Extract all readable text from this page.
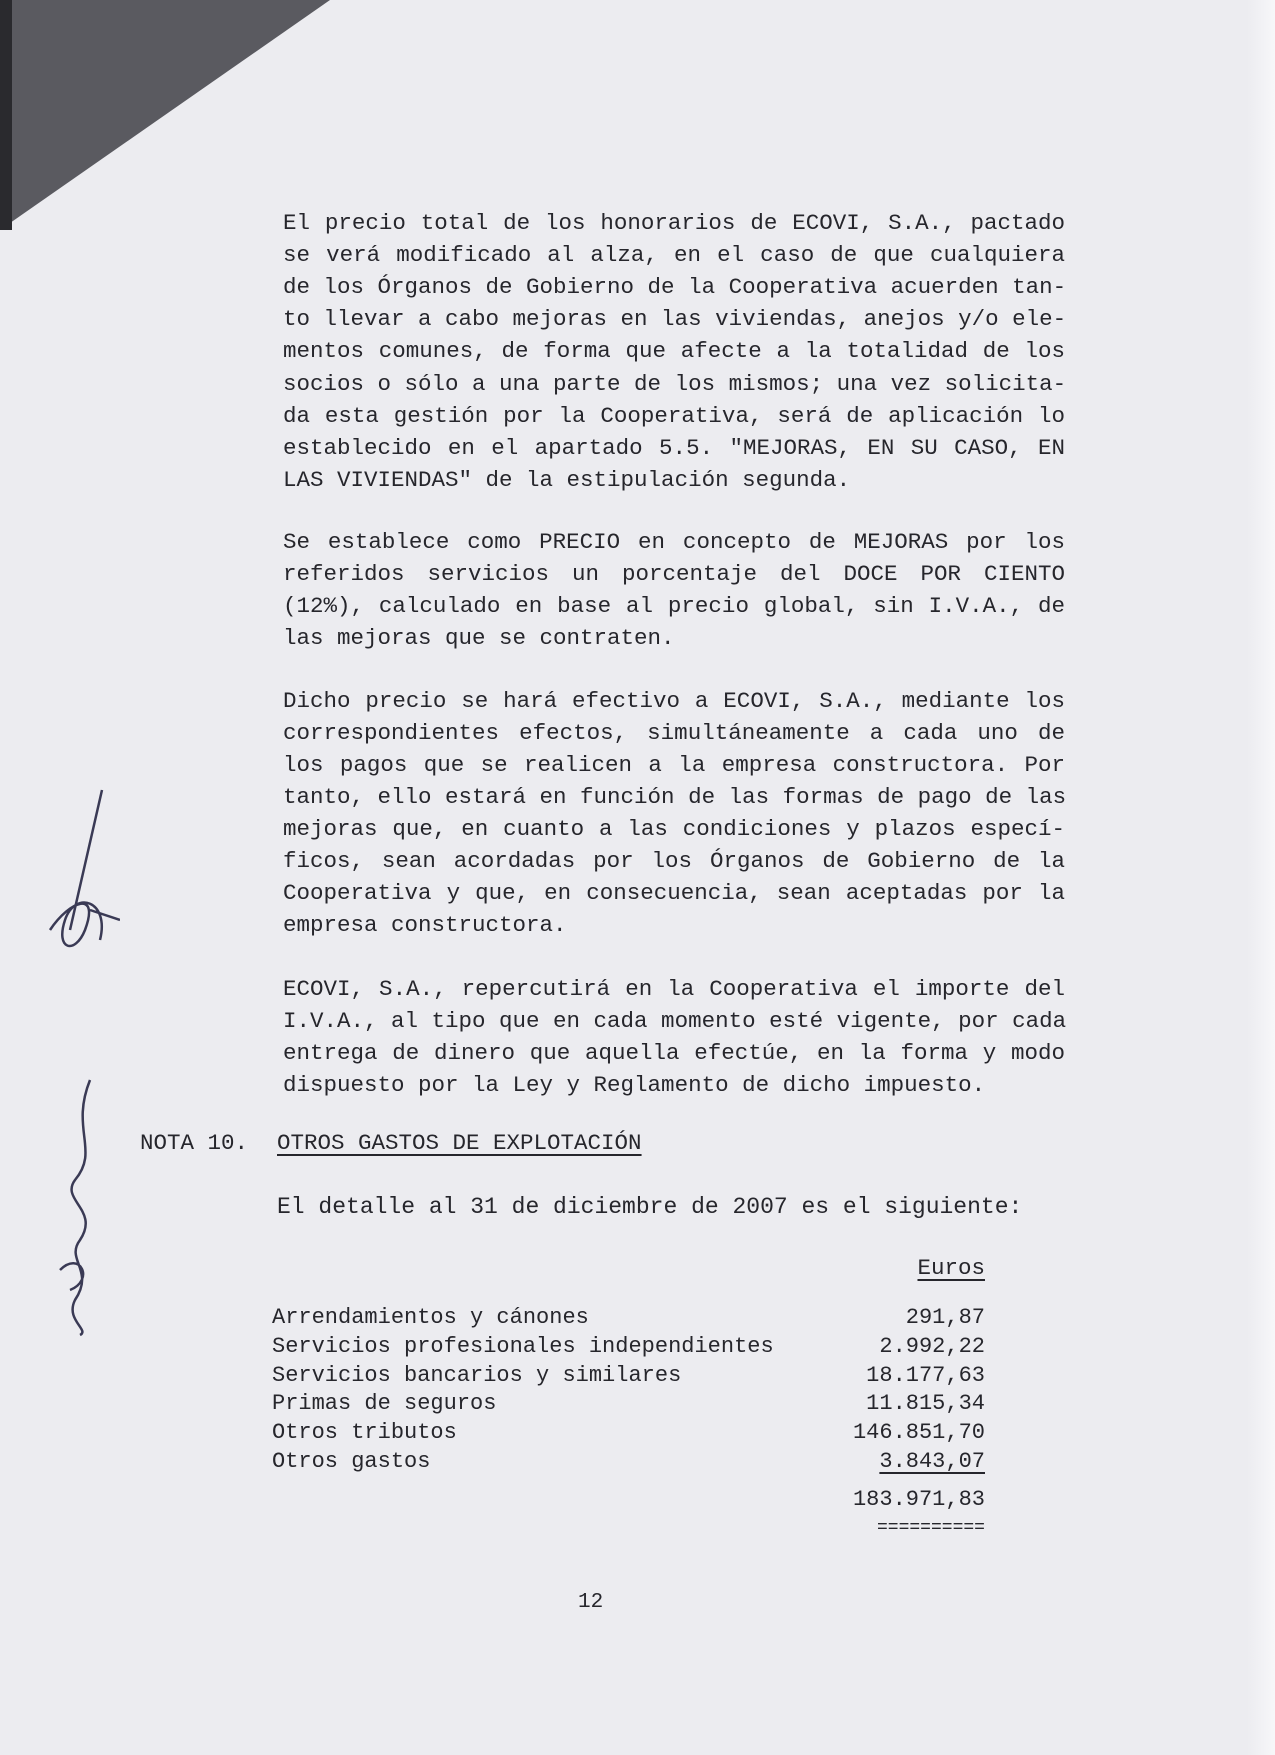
El precio total de los honorarios de ECOVI, S.A., pactado
se verá modificado al alza, en el caso de que cualquiera
de los Órganos de Gobierno de la Cooperativa acuerden tan-
to llevar a cabo mejoras en las viviendas, anejos y/o ele-
mentos comunes, de forma que afecte a la totalidad de los
socios o sólo a una parte de los mismos; una vez solicita-
da esta gestión por la Cooperativa, será de aplicación lo
establecido en el apartado 5.5. "MEJORAS, EN SU CASO, EN
LAS VIVIENDAS" de la estipulación segunda.
Se establece como PRECIO en concepto de MEJORAS por los
referidos servicios un porcentaje del DOCE POR CIENTO
(12%), calculado en base al precio global, sin I.V.A., de
las mejoras que se contraten.
Dicho precio se hará efectivo a ECOVI, S.A., mediante los
correspondientes efectos, simultáneamente a cada uno de
los pagos que se realicen a la empresa constructora. Por
tanto, ello estará en función de las formas de pago de las
mejoras que, en cuanto a las condiciones y plazos especí-
ficos, sean acordadas por los Órganos de Gobierno de la
Cooperativa y que, en consecuencia, sean aceptadas por la
empresa constructora.
ECOVI, S.A., repercutirá en la Cooperativa el importe del
I.V.A., al tipo que en cada momento esté vigente, por cada
entrega de dinero que aquella efectúe, en la forma y modo
dispuesto por la Ley y Reglamento de dicho impuesto.
NOTA 10. OTROS GASTOS DE EXPLOTACIÓN
El detalle al 31 de diciembre de 2007 es el siguiente:
Euros
Arrendamientos y cánones	291,87
Servicios profesionales independientes	2.992,22
Servicios bancarios y similares	18.177,63
Primas de seguros	11.815,34
Otros tributos	146.851,70
Otros gastos	3.843,07
183.971,83
==========
12
